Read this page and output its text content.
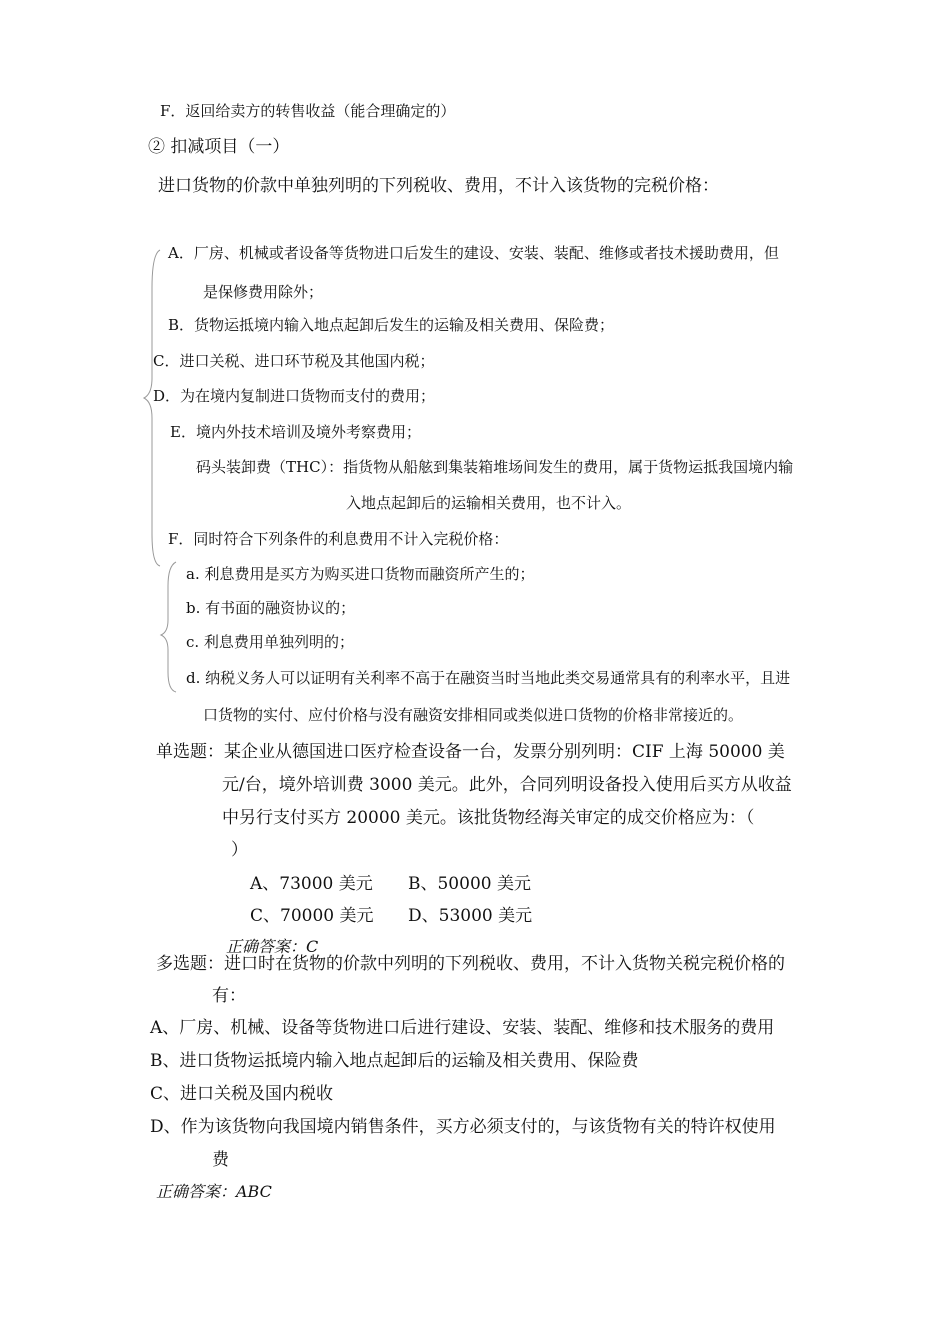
F．返回给卖方的转售收益（能合理确定的）
② 扣减项目（一）
进口货物的价款中单独列明的下列税收、费用，不计入该货物的完税价格：
A．厂房、机械或者设备等货物进口后发生的建设、安装、装配、维修或者技术援助费用，但
是保修费用除外；
B．货物运抵境内输入地点起卸后发生的运输及相关费用、保险费；
C．进口关税、进口环节税及其他国内税；
D．为在境内复制进口货物而支付的费用；
E．境内外技术培训及境外考察费用；
码头装卸费（THC）：指货物从船舷到集装箱堆场间发生的费用，属于货物运抵我国境内输
入地点起卸后的运输相关费用，也不计入。
F．同时符合下列条件的利息费用不计入完税价格：
a. 利息费用是买方为购买进口货物而融资所产生的；
b. 有书面的融资协议的；
c. 利息费用单独列明的；
d. 纳税义务人可以证明有关利率不高于在融资当时当地此类交易通常具有的利率水平，且进
口货物的实付、应付价格与没有融资安排相同或类似进口货物的价格非常接近的。
单选题：某企业从德国进口医疗检查设备一台，发票分别列明：CIF 上海 50000 美
元/台，境外培训费 3000 美元。此外，合同列明设备投入使用后买方从收益
中另行支付买方 20000 美元。该批货物经海关审定的成交价格应为：（
）
A、73000 美元 B、50000 美元
C、70000 美元 D、53000 美元
正确答案：C
多选题：进口时在货物的价款中列明的下列税收、费用，不计入货物关税完税价格的
有：
A、厂房、机械、设备等货物进口后进行建设、安装、装配、维修和技术服务的费用
B、进口货物运抵境内输入地点起卸后的运输及相关费用、保险费
C、进口关税及国内税收
D、作为该货物向我国境内销售条件，买方必须支付的，与该货物有关的特许权使用
费
正确答案：ABC
